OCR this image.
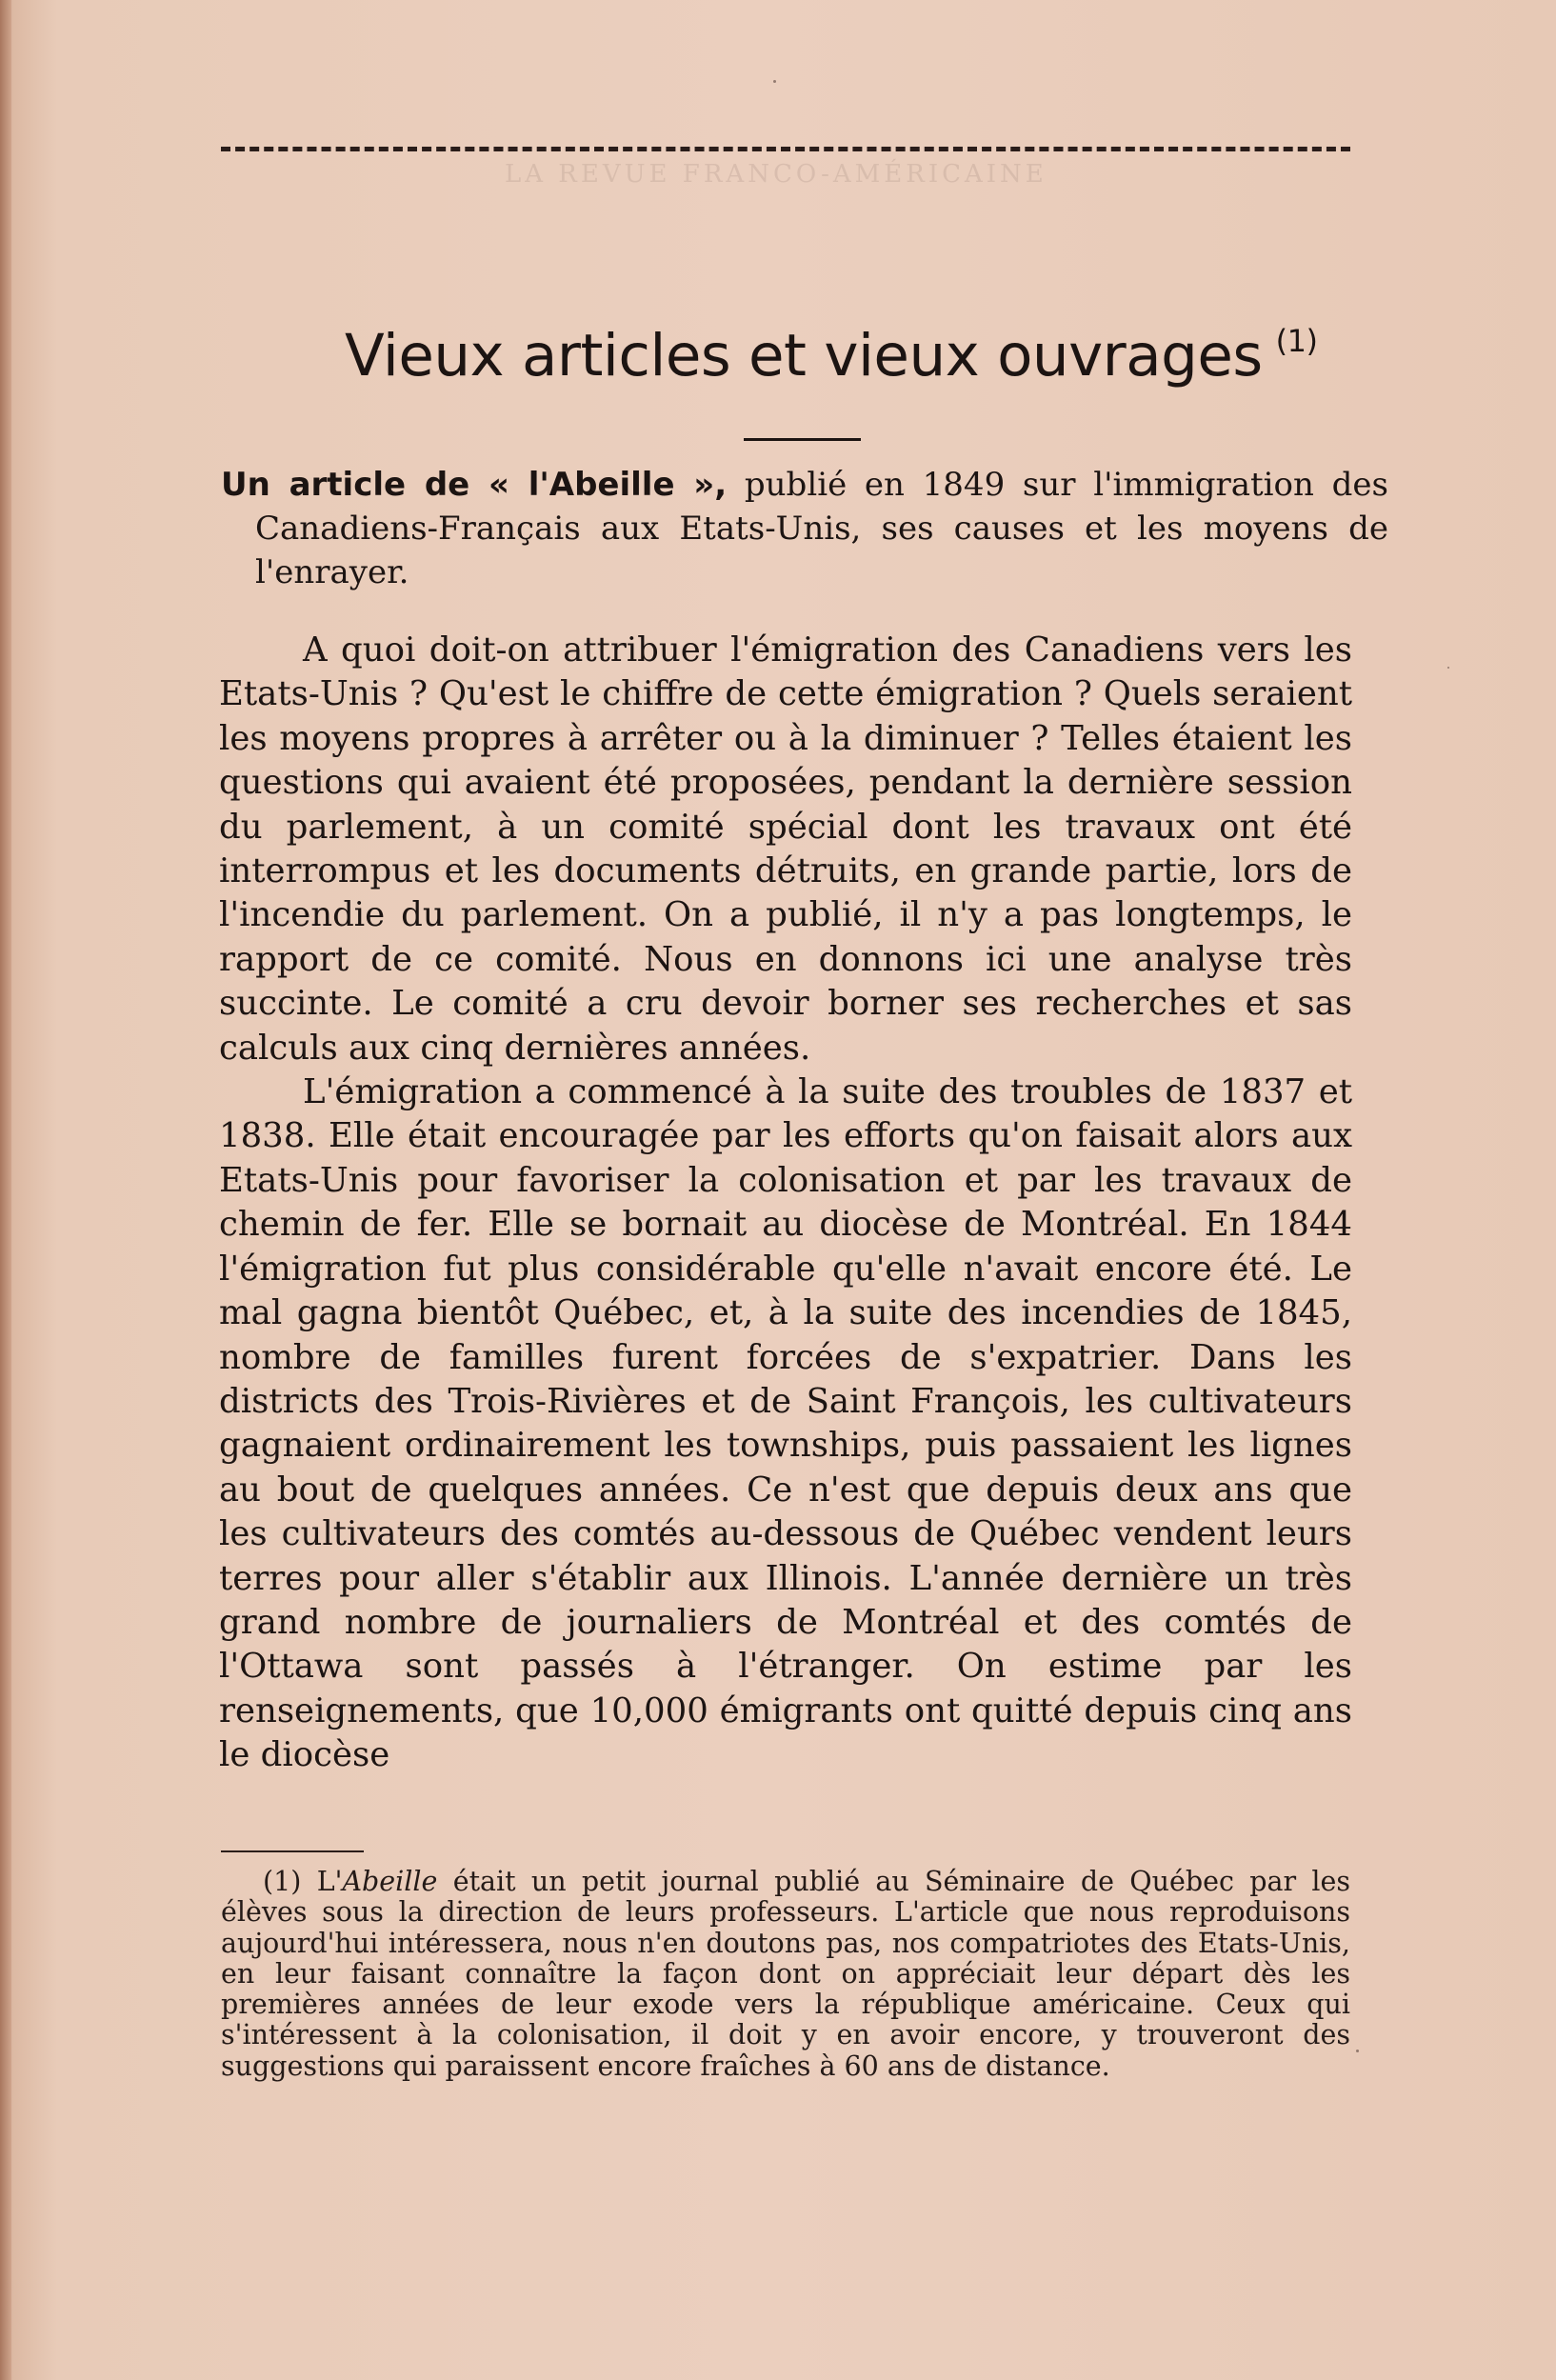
LA REVUE FRANCO-AMÉRICAINE
Vieux articles et vieux ouvrages $^{(1)}$

Un article de « l'Abeille », publié en 1849 sur l'immigration des Canadiens-Français aux Etats-Unis, ses causes et les moyens de l'enrayer.

A quoi doit-on attribuer l'émigration des Canadiens vers les Etats-Unis ? Qu'est le chiffre de cette émigration ? Quels seraient les moyens propres à arrêter ou à la diminuer ? Telles étaient les questions qui avaient été proposées, pendant la dernière session du parlement, à un comité spécial dont les travaux ont été interrompus et les documents détruits, en grande partie, lors de l'incendie du parlement. On a publié, il n'y a pas longtemps, le rapport de ce comité. Nous en donnons ici une analyse très succinte. Le comité a cru devoir borner ses recherches et sas calculs aux cinq dernières années.

L'émigration a commencé à la suite des troubles de 1837 et 1838. Elle était encouragée par les efforts qu'on faisait alors aux Etats-Unis pour favoriser la colonisation et par les travaux de chemin de fer. Elle se bornait au diocèse de Montréal. En 1844 l'émigration fut plus considérable qu'elle n'avait encore été. Le mal gagna bientôt Québec, et, à la suite des incendies de 1845, nombre de familles furent forcées de s'expatrier. Dans les districts des Trois-Rivières et de Saint François, les cultivateurs gagnaient ordinairement les townships, puis passaient les lignes au bout de quelques années. Ce n'est que depuis deux ans que les cultivateurs des comtés au-dessous de Québec vendent leurs terres pour aller s'établir aux Illinois. L'année dernière un très grand nombre de journaliers de Montréal et des comtés de l'Ottawa sont passés à l'étranger. On estime par les renseignements, que 10,000 émigrants ont quitté depuis cinq ans le diocèse

(1) L'Abeille était un petit journal publié au Séminaire de Québec par les élèves sous la direction de leurs professeurs. L'article que nous reproduisons aujourd'hui intéressera, nous n'en doutons pas, nos compatriotes des Etats-Unis, en leur faisant connaître la façon dont on appréciait leur départ dès les premières années de leur exode vers la république américaine. Ceux qui s'intéressent à la colonisation, il doit y en avoir encore, y trouveront des suggestions qui paraissent encore fraîches à 60 ans de distance.
